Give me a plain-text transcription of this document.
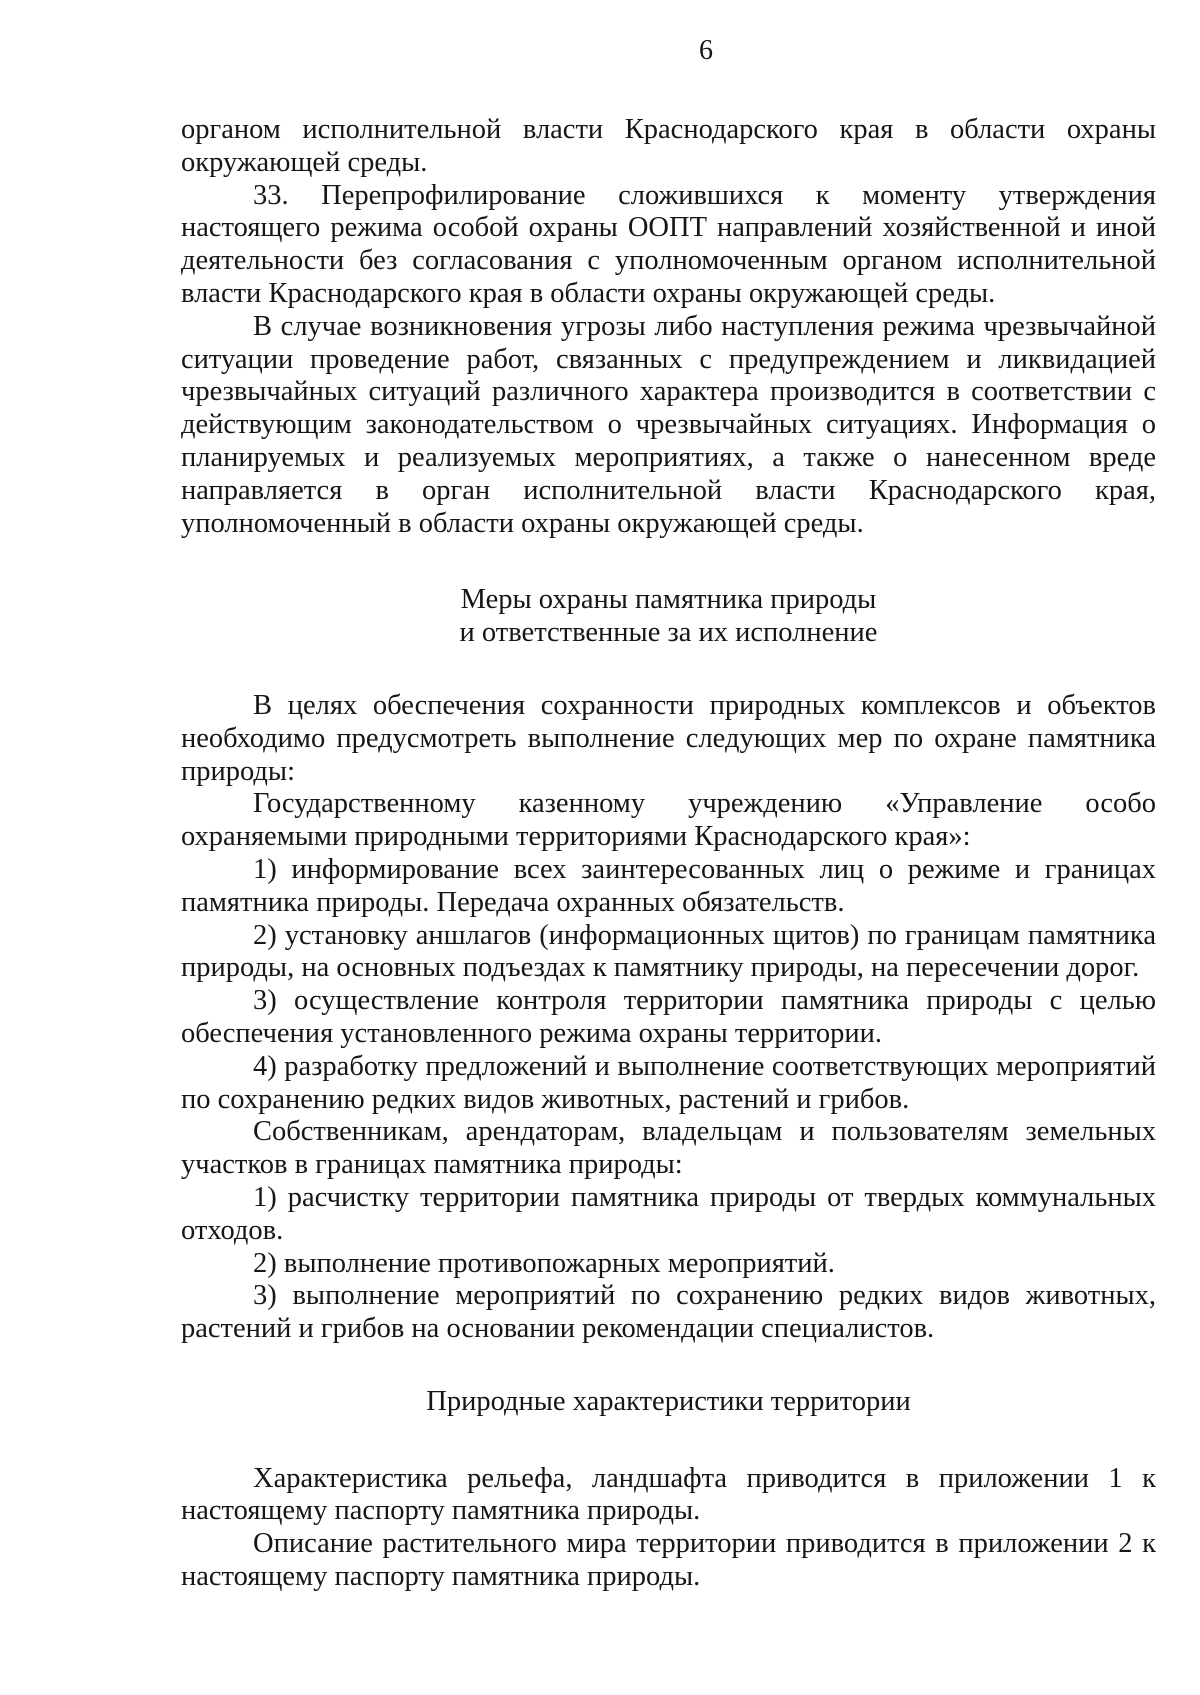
6

органом исполнительной власти Краснодарского края в области охраны окружающей среды.

33. Перепрофилирование сложившихся к моменту утверждения настоящего режима особой охраны ООПТ направлений хозяйственной и иной деятельности без согласования с уполномоченным органом исполнительной власти Краснодарского края в области охраны окружающей среды.

В случае возникновения угрозы либо наступления режима чрезвычайной ситуации проведение работ, связанных с предупреждением и ликвидацией чрезвычайных ситуаций различного характера производится в соответствии с действующим законодательством о чрезвычайных ситуациях. Информация о планируемых и реализуемых мероприятиях, а также о нанесенном вреде направляется в орган исполнительной власти Краснодарского края, уполномоченный в области охраны окружающей среды.

Меры охраны памятника природы

и ответственные за их исполнение

В целях обеспечения сохранности природных комплексов и объектов необходимо предусмотреть выполнение следующих мер по охране памятника природы:

Государственному казенному учреждению «Управление особо охраняемыми природными территориями Краснодарского края»:

1) информирование всех заинтересованных лиц о режиме и границах памятника природы. Передача охранных обязательств.

2) установку аншлагов (информационных щитов) по границам памятника природы, на основных подъездах к памятнику природы, на пересечении дорог.

3) осуществление контроля территории памятника природы с целью обеспечения установленного режима охраны территории.

4) разработку предложений и выполнение соответствующих мероприятий по сохранению редких видов животных, растений и грибов.

Собственникам, арендаторам, владельцам и пользователям земельных участков в границах памятника природы:

1) расчистку территории памятника природы от твердых коммунальных отходов.

2) выполнение противопожарных мероприятий.

3) выполнение мероприятий по сохранению редких видов животных, растений и грибов на основании рекомендации специалистов.

Природные характеристики территории

Характеристика рельефа, ландшафта приводится в приложении 1 к настоящему паспорту памятника природы.

Описание растительного мира территории приводится в приложении 2 к настоящему паспорту памятника природы.
